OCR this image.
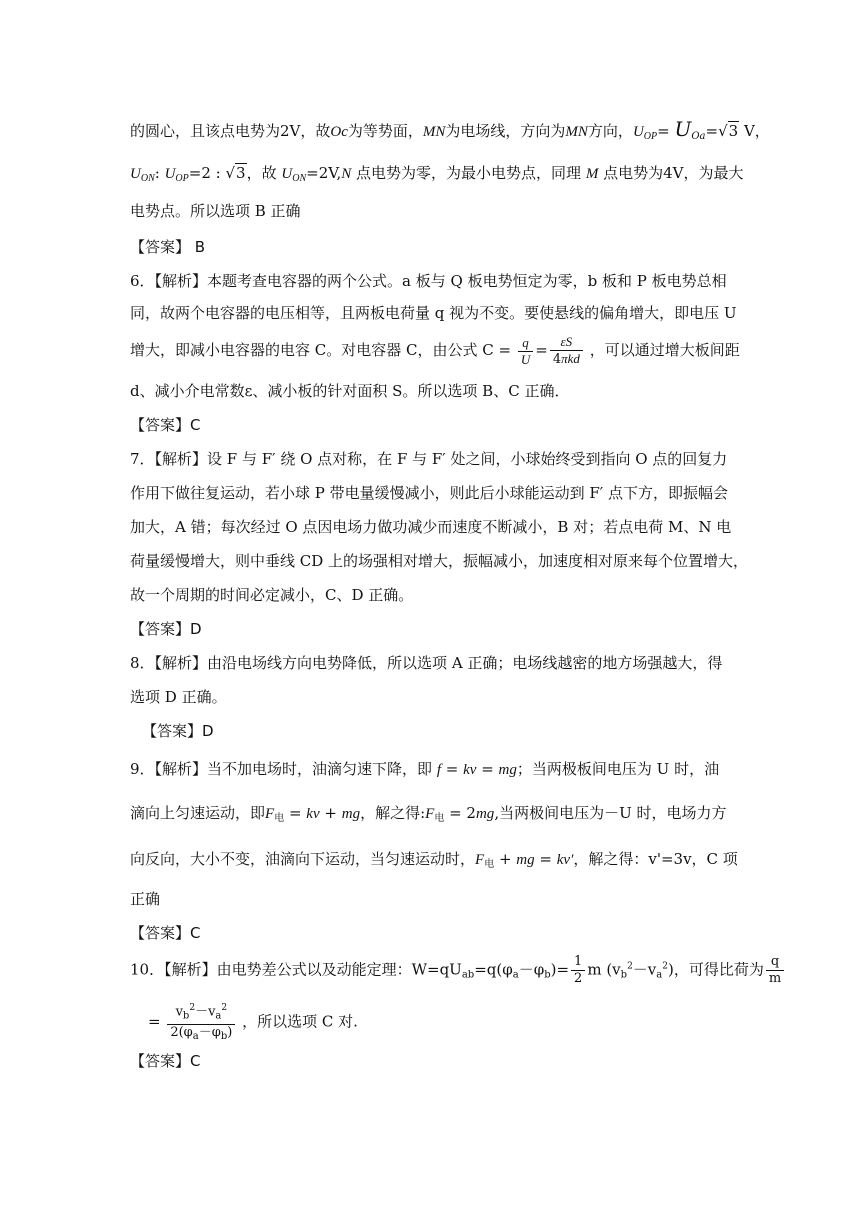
的圆心，且该点电势为2V，故Oc为等势面，MN为电场线，方向为MN方向，$U_{OP}= U_{Oa}=√3$ V，
$U_{ON}$: $U_{OP}=2$ : √3，故 $U_{ON}=2V,N$ 点电势为零，为最小电势点，同理 M 点电势为4V，为最大
电势点。所以选项 B 正确
【答案】 B
6．【解析】本题考查电容器的两个公式。a 板与 Q 板电势恒定为零，b 板和 P 板电势总相
同，故两个电容器的电压相等，且两板电荷量 q 视为不变。要使悬线的偏角增大，即电压 U
增大，即减小电容器的电容 C。对电容器 C，由公式 $C = \frac{q}{U} = \frac{\varepsilon S}{\text{4πkd}}$ ，可以通过增大板间距
d、减小介电常数ε、减小板的针对面积 S。所以选项 B、C 正确．
【答案】C
7．【解析】设 F 与 F′ 绕 O 点对称，在 F 与 F′ 处之间，小球始终受到指向 O 点的回复力
作用下做往复运动，若小球 P 带电量缓慢减小，则此后小球能运动到 F′ 点下方，即振幅会
加大，A 错；每次经过 O 点因电场力做功减少而速度不断减小，B 对；若点电荷 M、N 电
荷量缓慢增大，则中垂线 CD 上的场强相对增大，振幅减小，加速度相对原来每个位置增大，
故一个周期的时间必定减小，C、D 正确。
【答案】D
8．【解析】由沿电场线方向电势降低，所以选项 A 正确；电场线越密的地方场强越大，得
选项 D 正确。
【答案】D
9．【解析】当不加电场时，油滴匀速下降，即 f = kv = mg；当两极板间电压为 U 时，油
滴向上匀速运动，即$F_电$ = kv + mg，解之得$:F_电 = 2mg$,当两极间电压为－U 时，电场力方
向反向，大小不变，油滴向下运动，当匀速运动时，$F_电$ + mg = kv′，解之得：v'=3v，C 项
正确
【答案】C
10．【解析】由电势差公式以及动能定理：$W=qU_{ab}=q(\varphi_a-\varphi_b)= \frac{1}{2}$ m $(v_b^2-v_a^2)$，可得比荷为 $\frac{q}{m}$
= $\frac{v_b^2-v_a^2}{2(\varphi_a-\varphi_b)}$ ，所以选项 C 对.
【答案】C
